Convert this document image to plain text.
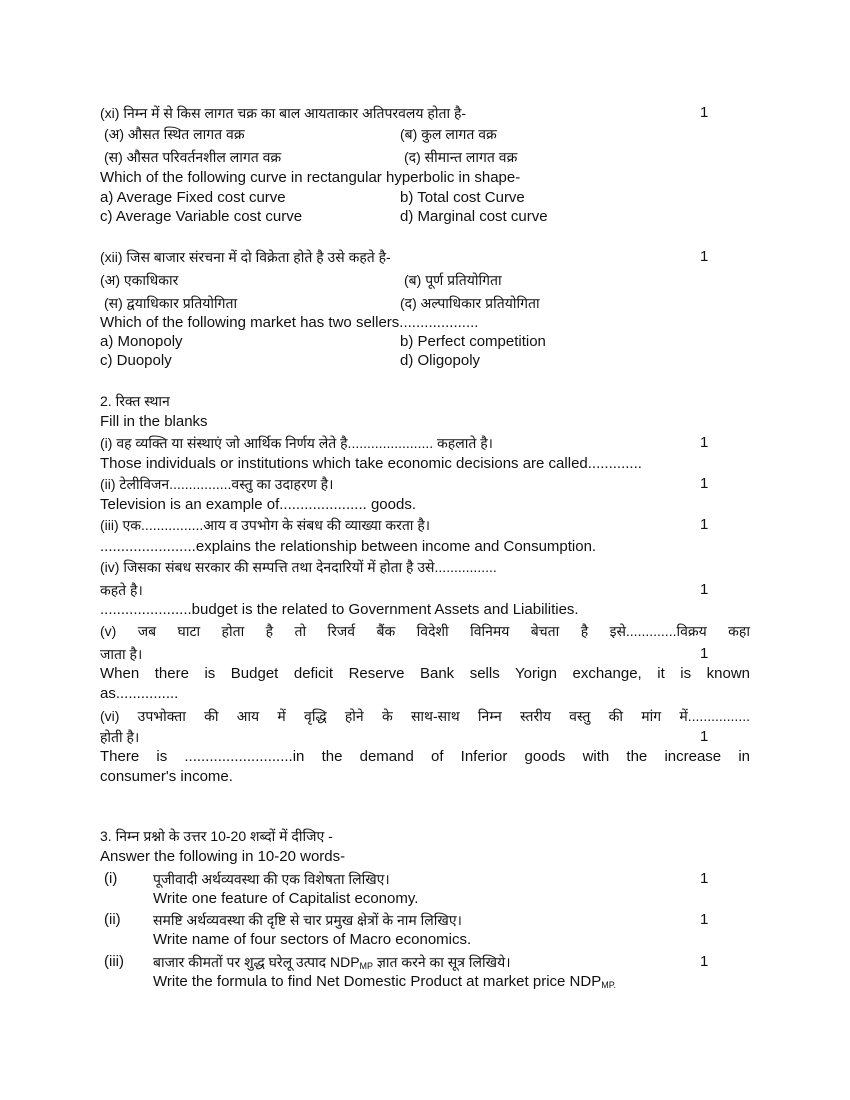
(xi) निम्न में से किस लागत चक्र का बाल आयताकार अतिपरवलय होता है-	1

(अ) औसत स्थित लागत वक्र	(ब) कुल लागत वक्र

(स) औसत परिवर्तनशील लागत वक्र	(द) सीमान्त लागत वक्र

Which of the following curve in rectangular hyperbolic in shape-

a) Average Fixed cost curve	b) Total cost Curve

c) Average Variable cost curve	d) Marginal cost curve

(xii) जिस बाजार संरचना में दो विक्रेता होते है उसे कहते है-	1

(अ) एकाधिकार	(ब) पूर्ण प्रतियोगिता

(स) द्वयाधिकार प्रतियोगिता	(द) अल्पाधिकार प्रतियोगिता

Which of the following market has two sellers...................

a) Monopoly	b) Perfect competition

c) Duopoly	d) Oligopoly

2. रिक्त स्थान

Fill in the blanks

(i) वह व्यक्ति या संस्थाएं जो आर्थिक निर्णय लेते है...................... कहलाते है।	1

Those individuals or institutions which take economic decisions are called.............

(ii) टेलीविजन................वस्तु का उदाहरण है।	1

Television is an example of..................... goods.

(iii) एक................आय व उपभोग के संबध की व्याख्या करता है।	1

.......................explains the relationship between income and Consumption.

(iv) जिसका संबध सरकार की सम्पत्ति तथा देनदारियों में होता है उसे................

कहते है।	1

......................budget is the related to Government Assets and Liabilities.

(v) जब घाटा होता है तो रिजर्व बैंक विदेशी विनिमय बेचता है इसे.............विक्रय कहा

जाता है।	1

When there is Budget deficit Reserve Bank sells Yorign exchange, it is known

as...............

(vi) उपभोक्ता की आय में वृद्धि होने के साथ-साथ निम्न स्तरीय वस्तु की मांग में................

होती है।	1

There is ..........................in the demand of Inferior goods with the increase in

consumer's income.

3. निम्न प्रश्नो के उत्तर 10-20 शब्दों में दीजिए -

Answer the following in 10-20 words-

(i)	पूजीवादी अर्थव्यवस्था की एक विशेषता लिखिए।	1

Write one feature of Capitalist economy.

(ii) समष्टि अर्थव्यवस्था की दृष्टि से चार प्रमुख क्षेत्रों के नाम लिखिए।	1

Write name of four sectors of Macro economics.

(iii) बाजार कीमतों पर शुद्ध घरेलू उत्पाद $NDP_{MP}$ ज्ञात करने का सूत्र लिखिये।	1

Write the formula to find Net Domestic Product at market price $NDP_{MP.}$
